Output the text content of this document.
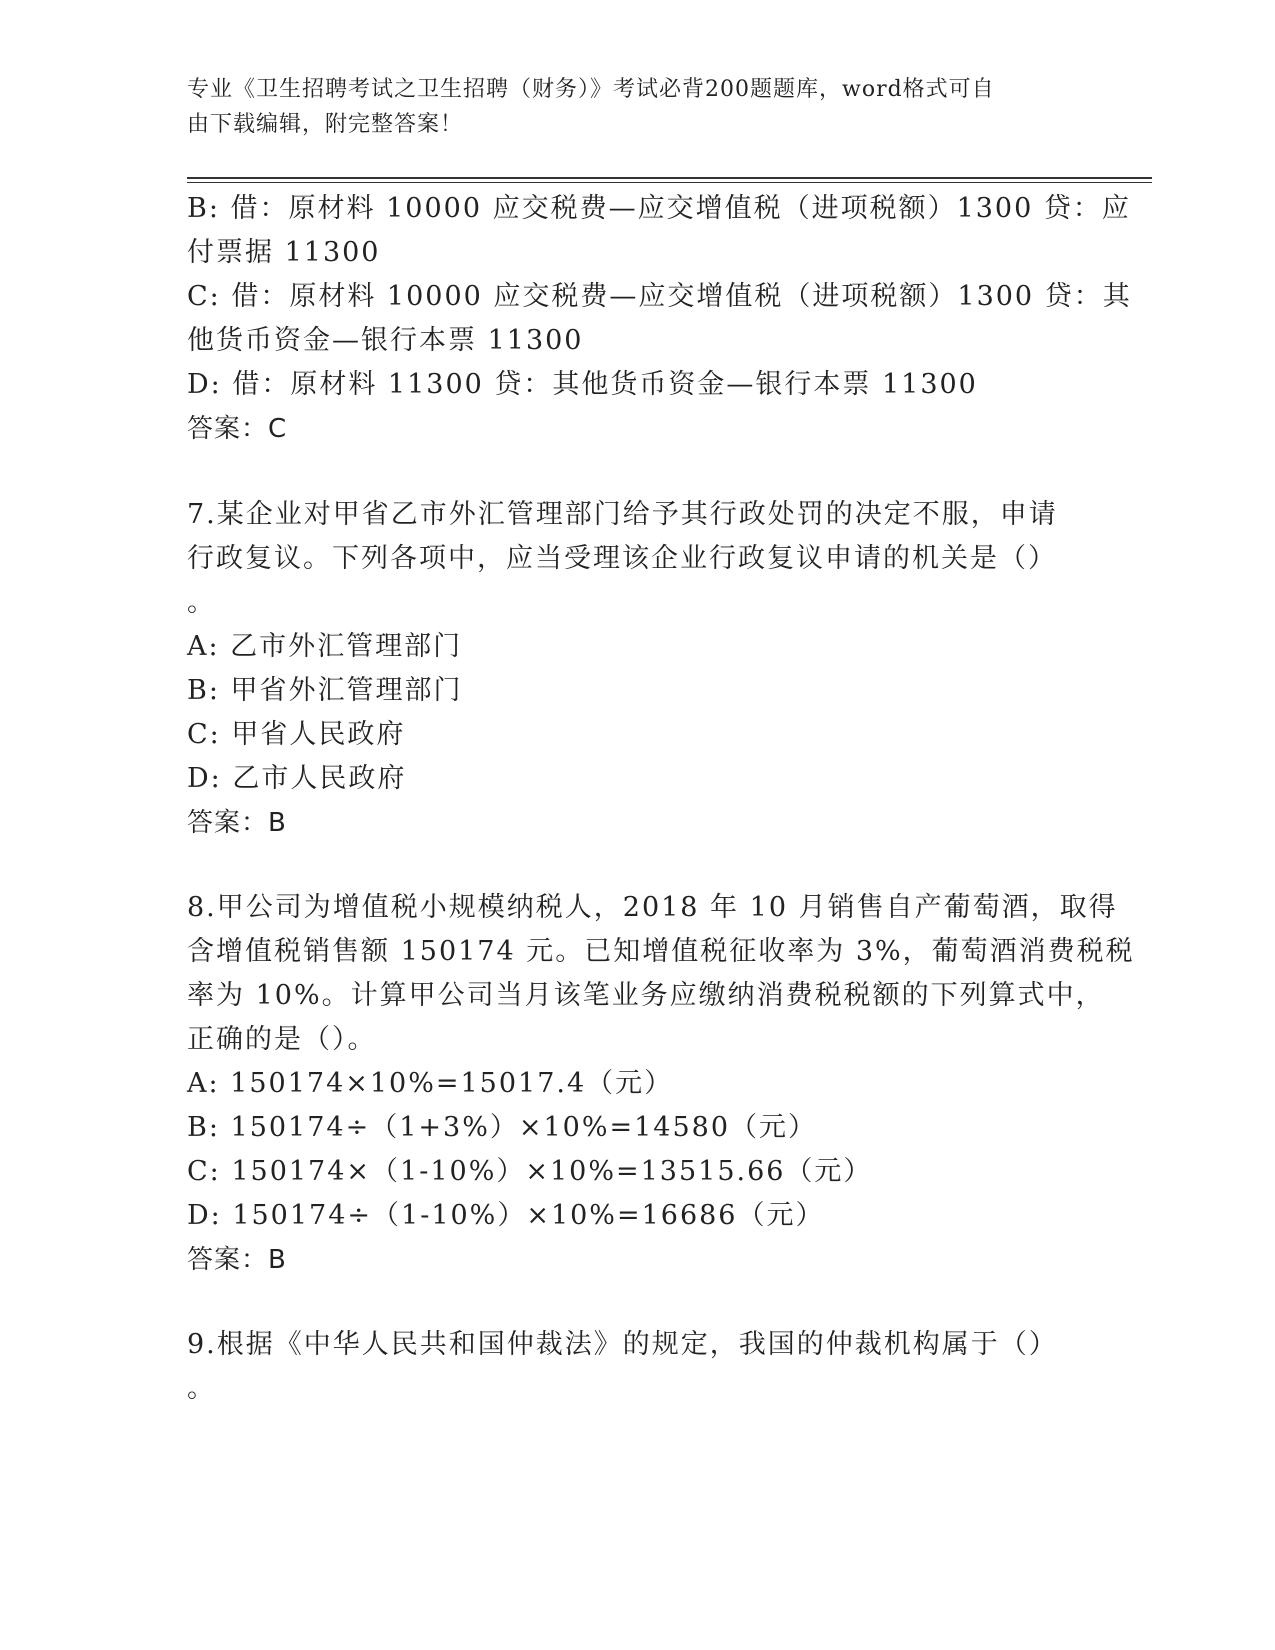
专业《卫生招聘考试之卫生招聘（财务）》考试必背200题题库，word格式可自
由下载编辑，附完整答案！
B: 借：原材料 10000 应交税费—应交增值税（进项税额）1300 贷：应
付票据 11300
C: 借：原材料 10000 应交税费—应交增值税（进项税额）1300 贷：其
他货币资金—银行本票 11300
D: 借：原材料 11300 贷：其他货币资金—银行本票 11300
答案：C
7.某企业对甲省乙市外汇管理部门给予其行政处罚的决定不服，申请
行政复议。下列各项中，应当受理该企业行政复议申请的机关是（）
。
A: 乙市外汇管理部门
B: 甲省外汇管理部门
C: 甲省人民政府
D: 乙市人民政府
答案：B
8.甲公司为增值税小规模纳税人，2018 年 10 月销售自产葡萄酒，取得
含增值税销售额 150174 元。已知增值税征收率为 3%，葡萄酒消费税税
率为 10%。计算甲公司当月该笔业务应缴纳消费税税额的下列算式中，
正确的是（）。
A: 150174×10%=15017.4（元）
B: 150174÷（1+3%）×10%=14580（元）
C: 150174×（1-10%）×10%=13515.66（元）
D: 150174÷（1-10%）×10%=16686（元）
答案：B
9.根据《中华人民共和国仲裁法》的规定，我国的仲裁机构属于（）
。
